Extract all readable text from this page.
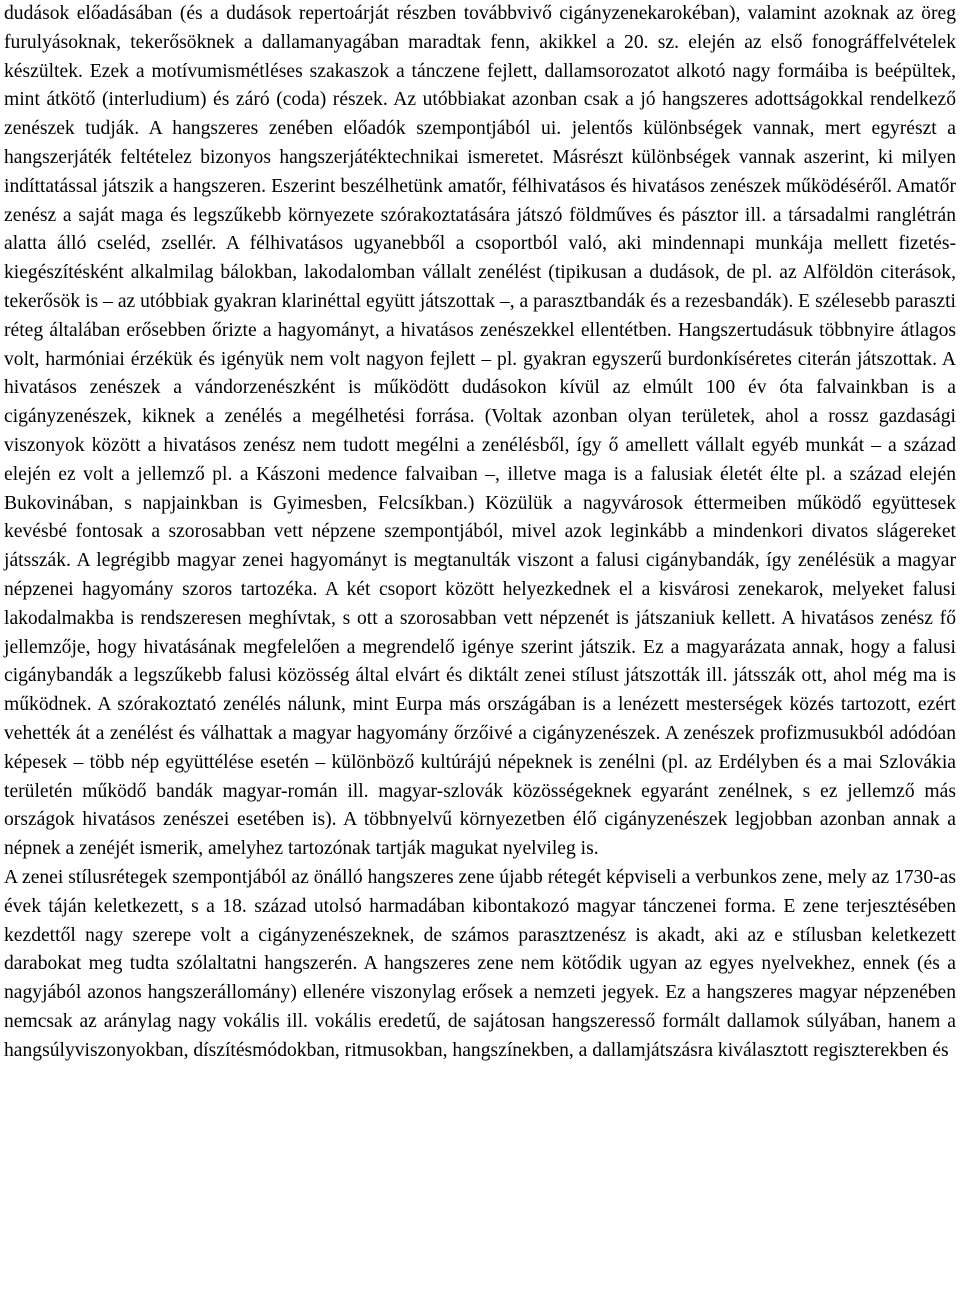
dudások előadásában (és a dudások repertoárját részben továbbvivő cigányzenekarokéban), valamint azoknak az öreg furulyásoknak, tekerősöknek a dallamanyagában maradtak fenn, akikkel a 20. sz. elején az első fonográffelvételek készültek. Ezek a motívumismétléses szakaszok a tánczene fejlett, dallamsorozatot alkotó nagy formáiba is beépültek, mint átkötő (interludium) és záró (coda) részek. Az utóbbiakat azonban csak a jó hangszeres adottságokkal rendelkező zenészek tudják. A hangszeres zenében előadók szempontjából ui. jelentős különbségek vannak, mert egyrészt a hangszerjáték feltételez bizonyos hangszerjátéktechnikai ismeretet. Másrészt különbségek vannak aszerint, ki milyen indíttatással játszik a hangszeren. Eszerint beszélhetünk amatőr, félhivatásos és hivatásos zenészek működéséről. Amatőr zenész a saját maga és legszűkebb környezete szórakoztatására játszó földműves és pásztor ill. a társadalmi ranglétrán alatta álló cseléd, zsellér. A félhivatásos ugyanebből a csoportból való, aki mindennapi munkája mellett fizetés-kiegészítésként alkalmilag bálokban, lakodalomban vállalt zenélést (tipikusan a dudások, de pl. az Alföldön citerások, tekerősök is – az utóbbiak gyakran klarinéttal együtt játszottak –, a parasztbandák és a rezesbandák). E szélesebb paraszti réteg általában erősebben őrizte a hagyományt, a hivatásos zenészekkel ellentétben. Hangszertudásuk többnyire átlagos volt, harmóniai érzékük és igényük nem volt nagyon fejlett – pl. gyakran egyszerű burdonkíséretes citerán játszottak. A hivatásos zenészek a vándorzenészként is működött dudásokon kívül az elmúlt 100 év óta falvainkban is a cigányzenészek, kiknek a zenélés a megélhetési forrása. (Voltak azonban olyan területek, ahol a rossz gazdasági viszonyok között a hivatásos zenész nem tudott megélni a zenélésből, így ő amellett vállalt egyéb munkát – a század elején ez volt a jellemző pl. a Kászoni medence falvaiban –, illetve maga is a falusiak életét élte pl. a század elején Bukovinában, s napjainkban is Gyimesben, Felcsíkban.) Közülük a nagyvárosok éttermeiben működő együttesek kevésbé fontosak a szorosabban vett népzene szempontjából, mivel azok leginkább a mindenkori divatos slágereket játsszák. A legrégibb magyar zenei hagyományt is megtanulták viszont a falusi cigánybandák, így zenélésük a magyar népzenei hagyomány szoros tartozéka. A két csoport között helyezkednek el a kisvárosi zenekarok, melyeket falusi lakodalmakba is rendszeresen meghívtak, s ott a szorosabban vett népzenét is játszaniuk kellett. A hivatásos zenész fő jellemzője, hogy hivatásának megfelelően a megrendelő igénye szerint játszik. Ez a magyarázata annak, hogy a falusi cigánybandák a legszűkebb falusi közösség által elvárt és diktált zenei stílust játszották ill. játsszák ott, ahol még ma is működnek. A szórakoztató zenélés nálunk, mint Eurpa más országában is a lenézett mesterségek közés tartozott, ezért vehették át a zenélést és válhattak a magyar hagyomány őrzőivé a cigányzenészek. A zenészek profizmusukból adódóan képesek – több nép együttélése esetén – különböző kultúrájú népeknek is zenélni (pl. az Erdélyben és a mai Szlovákia területén működő bandák magyar-román ill. magyar-szlovák közösségeknek egyaránt zenélnek, s ez jellemző más országok hivatásos zenészei esetében is). A többnyelvű környezetben élő cigányzenészek legjobban azonban annak a népnek a zenéjét ismerik, amelyhez tartozónak tartják magukat nyelvileg is.

A zenei stílusrétegek szempontjából az önálló hangszeres zene újabb rétegét képviseli a verbunkos zene, mely az 1730-as évek táján keletkezett, s a 18. század utolsó harmadában kibontakozó magyar tánczenei forma. E zene terjesztésében kezdettől nagy szerepe volt a cigányzenészeknek, de számos parasztzenész is akadt, aki az e stílusban keletkezett darabokat meg tudta szólaltatni hangszerén. A hangszeres zene nem kötődik ugyan az egyes nyelvekhez, ennek (és a nagyjából azonos hangszerállomány) ellenére viszonylag erősek a nemzeti jegyek. Ez a hangszeres magyar népzenében nemcsak az aránylag nagy vokális ill. vokális eredetű, de sajátosan hangszeresső formált dallamok súlyában, hanem a hangsúlyviszonyokban, díszítésmódokban, ritmusokban, hangszínekben, a dallamjátszásra kiválasztott regiszterekben és
